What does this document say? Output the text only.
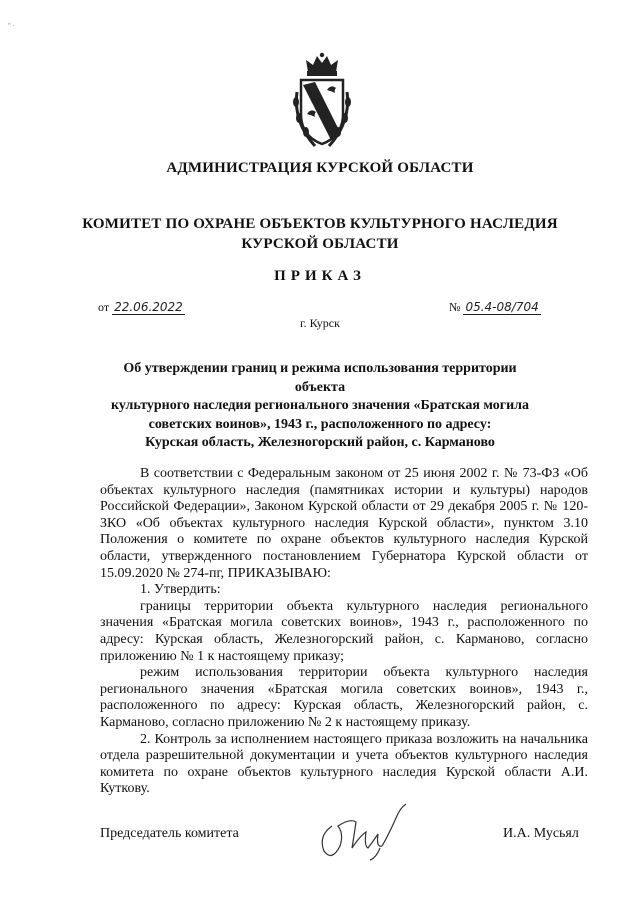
" ·
АДМИНИСТРАЦИЯ КУРСКОЙ ОБЛАСТИ
КОМИТЕТ ПО ОХРАНЕ ОБЪЕКТОВ КУЛЬТУРНОГО НАСЛЕДИЯ
КУРСКОЙ ОБЛАСТИ
ПРИКАЗ
от 22.06.2022	№ 05.4-08/704
г. Курск
Об утверждении границ и режима использования территории объекта
культурного наследия регионального значения «Братская могила
советских воинов», 1943 г., расположенного по адресу:
Курская область, Железногорский район, с. Карманово

В соответствии с Федеральным законом от 25 июня 2002 г. № 73-ФЗ «Об объектах культурного наследия (памятниках истории и культуры) народов Российской Федерации», Законом Курской области от 29 декабря 2005 г. № 120-ЗКО «Об объектах культурного наследия Курской области», пунктом 3.10 Положения о комитете по охране объектов культурного наследия Курской области, утвержденного постановлением Губернатора Курской области от 15.09.2020 № 274-пг, ПРИКАЗЫВАЮ:

1. Утвердить:

границы территории объекта культурного наследия регионального значения «Братская могила советских воинов», 1943 г., расположенного по адресу: Курская область, Железногорский район, с. Карманово, согласно приложению № 1 к настоящему приказу;

режим использования территории объекта культурного наследия регионального значения «Братская могила советских воинов», 1943 г., расположенного по адресу: Курская область, Железногорский район, с. Карманово, согласно приложению № 2 к настоящему приказу.

2. Контроль за исполнением настоящего приказа возложить на начальника отдела разрешительной документации и учета объектов культурного наследия комитета по охране объектов культурного наследия Курской области А.И. Куткову.

Председатель комитета	И.А. Мусьял
